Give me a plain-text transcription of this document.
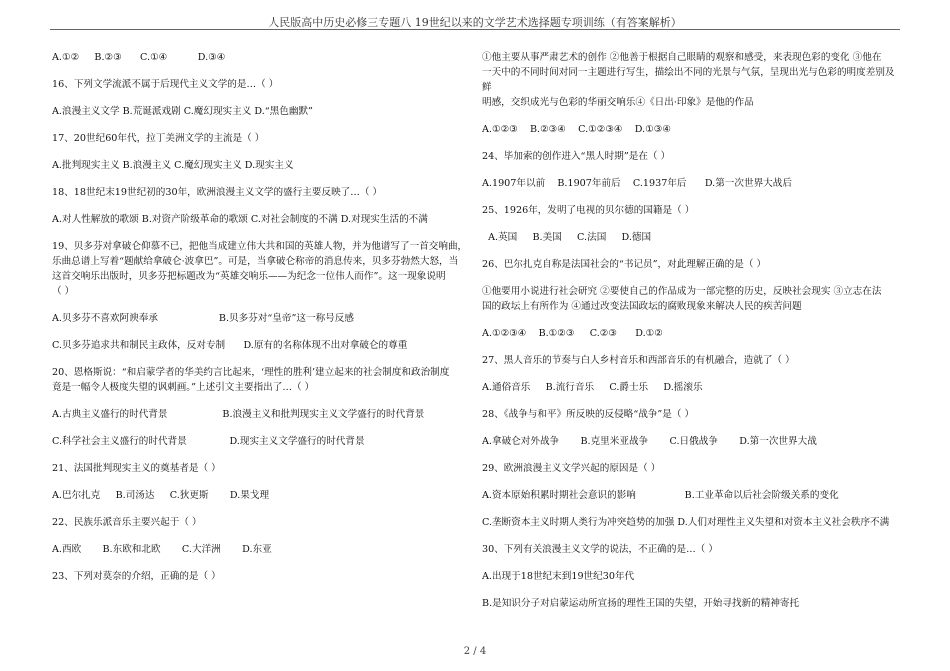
人民版高中历史必修三专题八 19世纪以来的文学艺术选择题专项训练（有答案解析）

A.①②     B.②③      C.①④          D.③④

16、下列文学流派不属于后现代主义文学的是…（ ）

A.浪漫主义文学 B.荒诞派戏剧 C.魔幻现实主义 D.“黑色幽默”

17、20世纪60年代，拉丁美洲文学的主流是（ ）

A.批判现实主义 B.浪漫主义 C.魔幻现实主义 D.现实主义

18、18世纪末19世纪初的30年，欧洲浪漫主义文学的盛行主要反映了…（ ）

A.对人性解放的歌颂 B.对资产阶级革命的歌颂 C.对社会制度的不满 D.对现实生活的不满

19、贝多芬对拿破仑仰慕不已，把他当成建立伟大共和国的英雄人物，并为他谱写了一首交响曲，

乐曲总谱上写着“题献给拿破仑·波拿巴”。可是，当拿破仑称帝的消息传来，贝多芬勃然大怒，当

这首交响乐出版时，贝多芬把标题改为“英雄交响乐——为纪念一位伟人而作”。这一现象说明

（ ）

A.贝多芬不喜欢阿谀奉承                    B.贝多芬对“皇帝”这一称号反感

C.贝多芬追求共和制民主政体，反对专制      D.原有的名称体现不出对拿破仑的尊重

20、恩格斯说：“和启蒙学者的华美约言比起来，‘理性的胜利’建立起来的社会制度和政治制度

竟是一幅令人极度失望的讽刺画。”上述引文主要指出了…（ ）

A.古典主义盛行的时代背景                  B.浪漫主义和批判现实主义文学盛行的时代背景

C.科学社会主义盛行的时代背景              D.现实主义文学盛行的时代背景

21、法国批判现实主义的奠基者是（ ）

A.巴尔扎克     B.司汤达     C.狄更斯       D.果戈理

22、民族乐派音乐主要兴起于（ ）

A.西欧       B.东欧和北欧       C.大洋洲       D.东亚

23、下列对莫奈的介绍，正确的是（ ）

①他主要从事严肃艺术的创作 ②他善于根据自己眼睛的观察和感受，来表现色彩的变化 ③他在

一天中的不同时间对同一主题进行写生，描绘出不同的光景与气氛，呈现出光与色彩的明度差别及鲜

明感，交织成光与色彩的华丽交响乐④《日出·印象》是他的作品

A.①②③    B.②③④    C.①②③④    D.①③④

24、毕加索的创作进入“黑人时期”是在（ ）

A.1907年以前    B.1907年前后    C.1937年后      D.第一次世界大战后

25、1926年，发明了电视的贝尔德的国籍是（ ）

A.英国     B.美国     C.法国     D.德国

26、巴尔扎克自称是法国社会的“书记员”，对此理解正确的是（ ）

①他要用小说进行社会研究 ②要使自己的作品成为一部完整的历史，反映社会现实 ③立志在法

国的政坛上有所作为 ④通过改变法国政坛的腐败现象来解决人民的疾苦问题

A.①②③④    B.①②③     C.②③      D.①②

27、黑人音乐的节奏与白人乡村音乐和西部音乐的有机融合，造就了（ ）

A.通俗音乐     B.流行音乐     C.爵士乐     D.摇滚乐

28、《战争与和平》所反映的反侵略“战争”是（ ）

A.拿破仑对外战争       B.克里米亚战争       C.日俄战争       D.第一次世界大战

29、欧洲浪漫主义文学兴起的原因是（ ）

A.资本原始积累时期社会意识的影响                B.工业革命以后社会阶级关系的变化

C.垄断资本主义时期人类行为冲突趋势的加强 D.人们对理性主义失望和对资本主义社会秩序不满

30、下列有关浪漫主义文学的说法，不正确的是…（ ）

A.出现于18世纪末到19世纪30年代

B.是知识分子对启蒙运动所宣扬的理性王国的失望，开始寻找新的精神寄托

2 / 4
